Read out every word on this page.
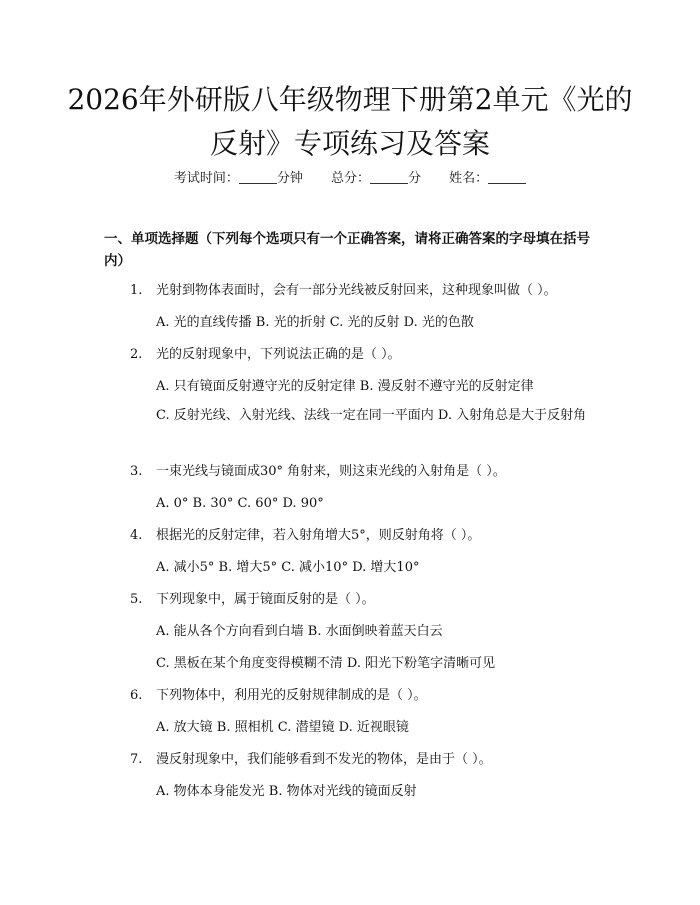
2026年外研版八年级物理下册第2单元《光的反射》专项练习及答案
考试时间：	分钟 总分：	分 姓名：
一、单项选择题（下列每个选项只有一个正确答案，请将正确答案的字母填在括号内）
1. 光射到物体表面时，会有一部分光线被反射回来，这种现象叫做（ ）。
A. 光的直线传播 B. 光的折射 C. 光的反射 D. 光的色散
2. 光的反射现象中，下列说法正确的是（ ）。
A. 只有镜面反射遵守光的反射定律 B. 漫反射不遵守光的反射定律
C. 反射光线、入射光线、法线一定在同一平面内 D. 入射角总是大于反射角
3. 一束光线与镜面成30° 角射来，则这束光线的入射角是（ ）。
A. 0° B. 30° C. 60° D. 90°
4. 根据光的反射定律，若入射角增大5°，则反射角将（ ）。
A. 减小5° B. 增大5° C. 减小10° D. 增大10°
5. 下列现象中，属于镜面反射的是（ ）。
A. 能从各个方向看到白墙 B. 水面倒映着蓝天白云
C. 黑板在某个角度变得模糊不清 D. 阳光下粉笔字清晰可见
6. 下列物体中，利用光的反射规律制成的是（ ）。
A. 放大镜 B. 照相机 C. 潜望镜 D. 近视眼镜
7. 漫反射现象中，我们能够看到不发光的物体，是由于（ ）。
A. 物体本身能发光 B. 物体对光线的镜面反射
